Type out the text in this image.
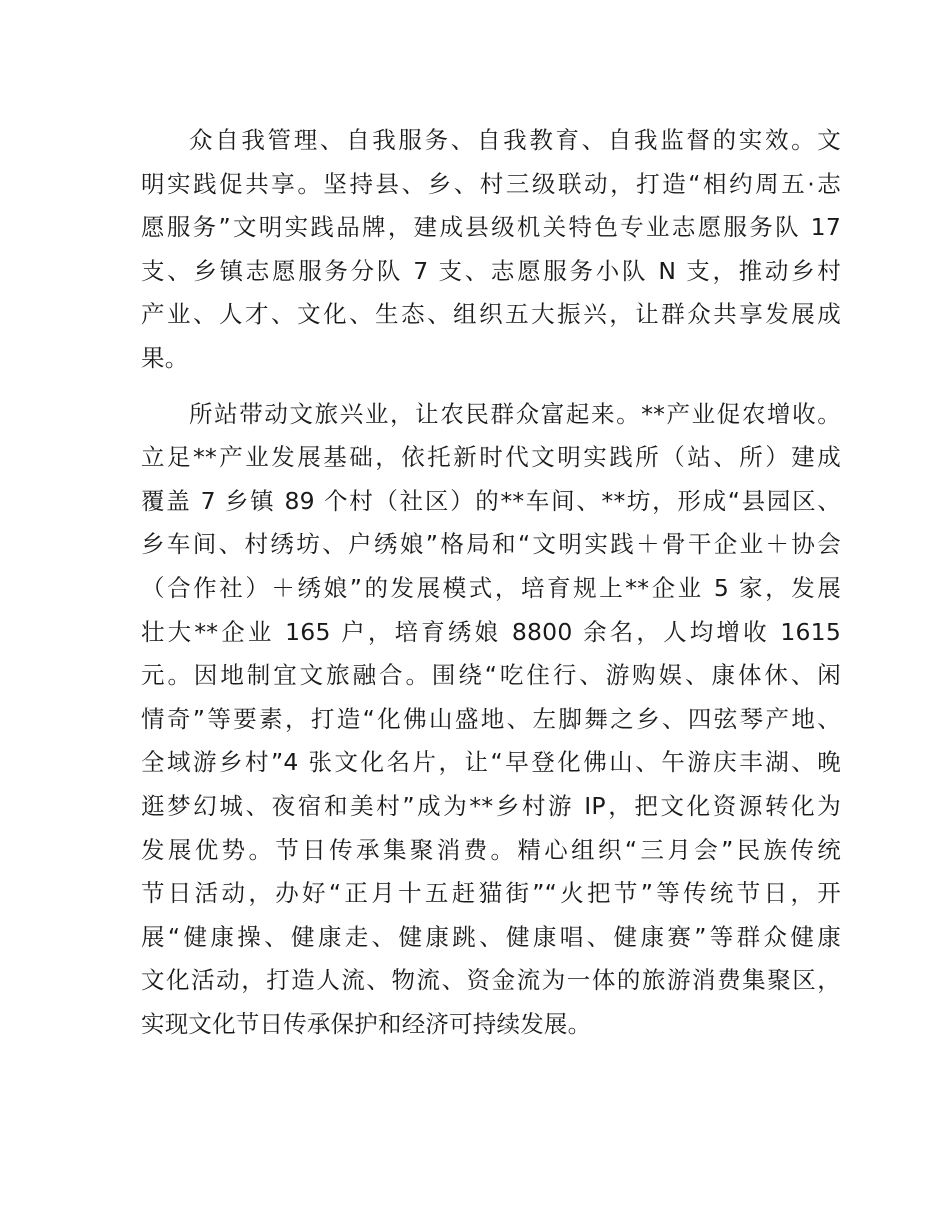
众自我管理、自我服务、自我教育、自我监督的实效。文
明实践促共享。坚持县、乡、村三级联动，打造“相约周五·志
愿服务”文明实践品牌，建成县级机关特色专业志愿服务队 17
支、乡镇志愿服务分队 7 支、志愿服务小队 N 支，推动乡村
产业、人才、文化、生态、组织五大振兴，让群众共享发展成
果。
所站带动文旅兴业，让农民群众富起来。**产业促农增收。
立足**产业发展基础，依托新时代文明实践所（站、所）建成
覆盖 7 乡镇 89 个村（社区）的**车间、**坊，形成“县园区、
乡车间、村绣坊、户绣娘”格局和“文明实践＋骨干企业＋协会
（合作社）＋绣娘”的发展模式，培育规上**企业 5 家，发展
壮大**企业 165 户，培育绣娘 8800 余名，人均增收 1615
元。因地制宜文旅融合。围绕“吃住行、游购娱、康体休、闲
情奇”等要素，打造“化佛山盛地、左脚舞之乡、四弦琴产地、
全域游乡村”4 张文化名片，让“早登化佛山、午游庆丰湖、晚
逛梦幻城、夜宿和美村”成为**乡村游 IP，把文化资源转化为
发展优势。节日传承集聚消费。精心组织“三月会”民族传统
节日活动，办好“正月十五赶猫街”“火把节”等传统节日，开
展“健康操、健康走、健康跳、健康唱、健康赛”等群众健康
文化活动，打造人流、物流、资金流为一体的旅游消费集聚区，
实现文化节日传承保护和经济可持续发展。
